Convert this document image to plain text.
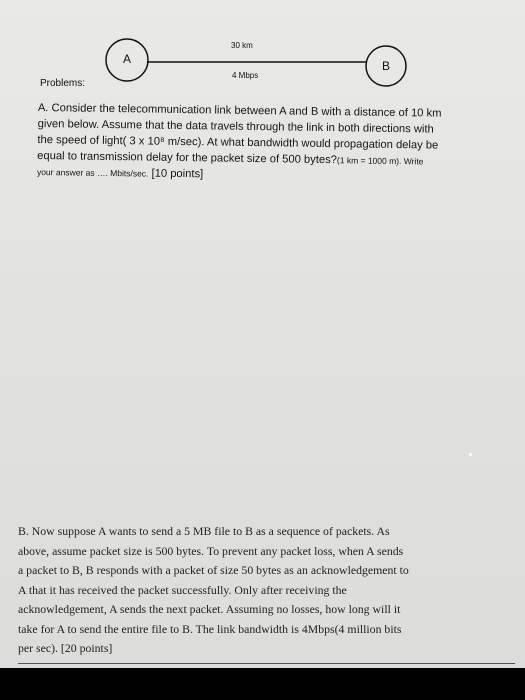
A	B
30 km
4 Mbps
Problems:
A. Consider the telecommunication link between A and B with a distance of 10 km
given below. Assume that the data travels through the link in both directions with
the speed of light( 3 x 10⁸ m/sec). At what bandwidth would propagation delay be
equal to transmission delay for the packet size of 500 bytes?(1 km = 1000 m). Write
your answer as …. Mbits/sec. [10 points]
B. Now suppose A wants to send a 5 MB file to B as a sequence of packets. As
above, assume packet size is 500 bytes. To prevent any packet loss, when A sends
a packet to B, B responds with a packet of size 50 bytes as an acknowledgement to
A that it has received the packet successfully. Only after receiving the
acknowledgement, A sends the next packet. Assuming no losses, how long will it
take for A to send the entire file to B. The link bandwidth is 4Mbps(4 million bits
per sec). [20 points]
